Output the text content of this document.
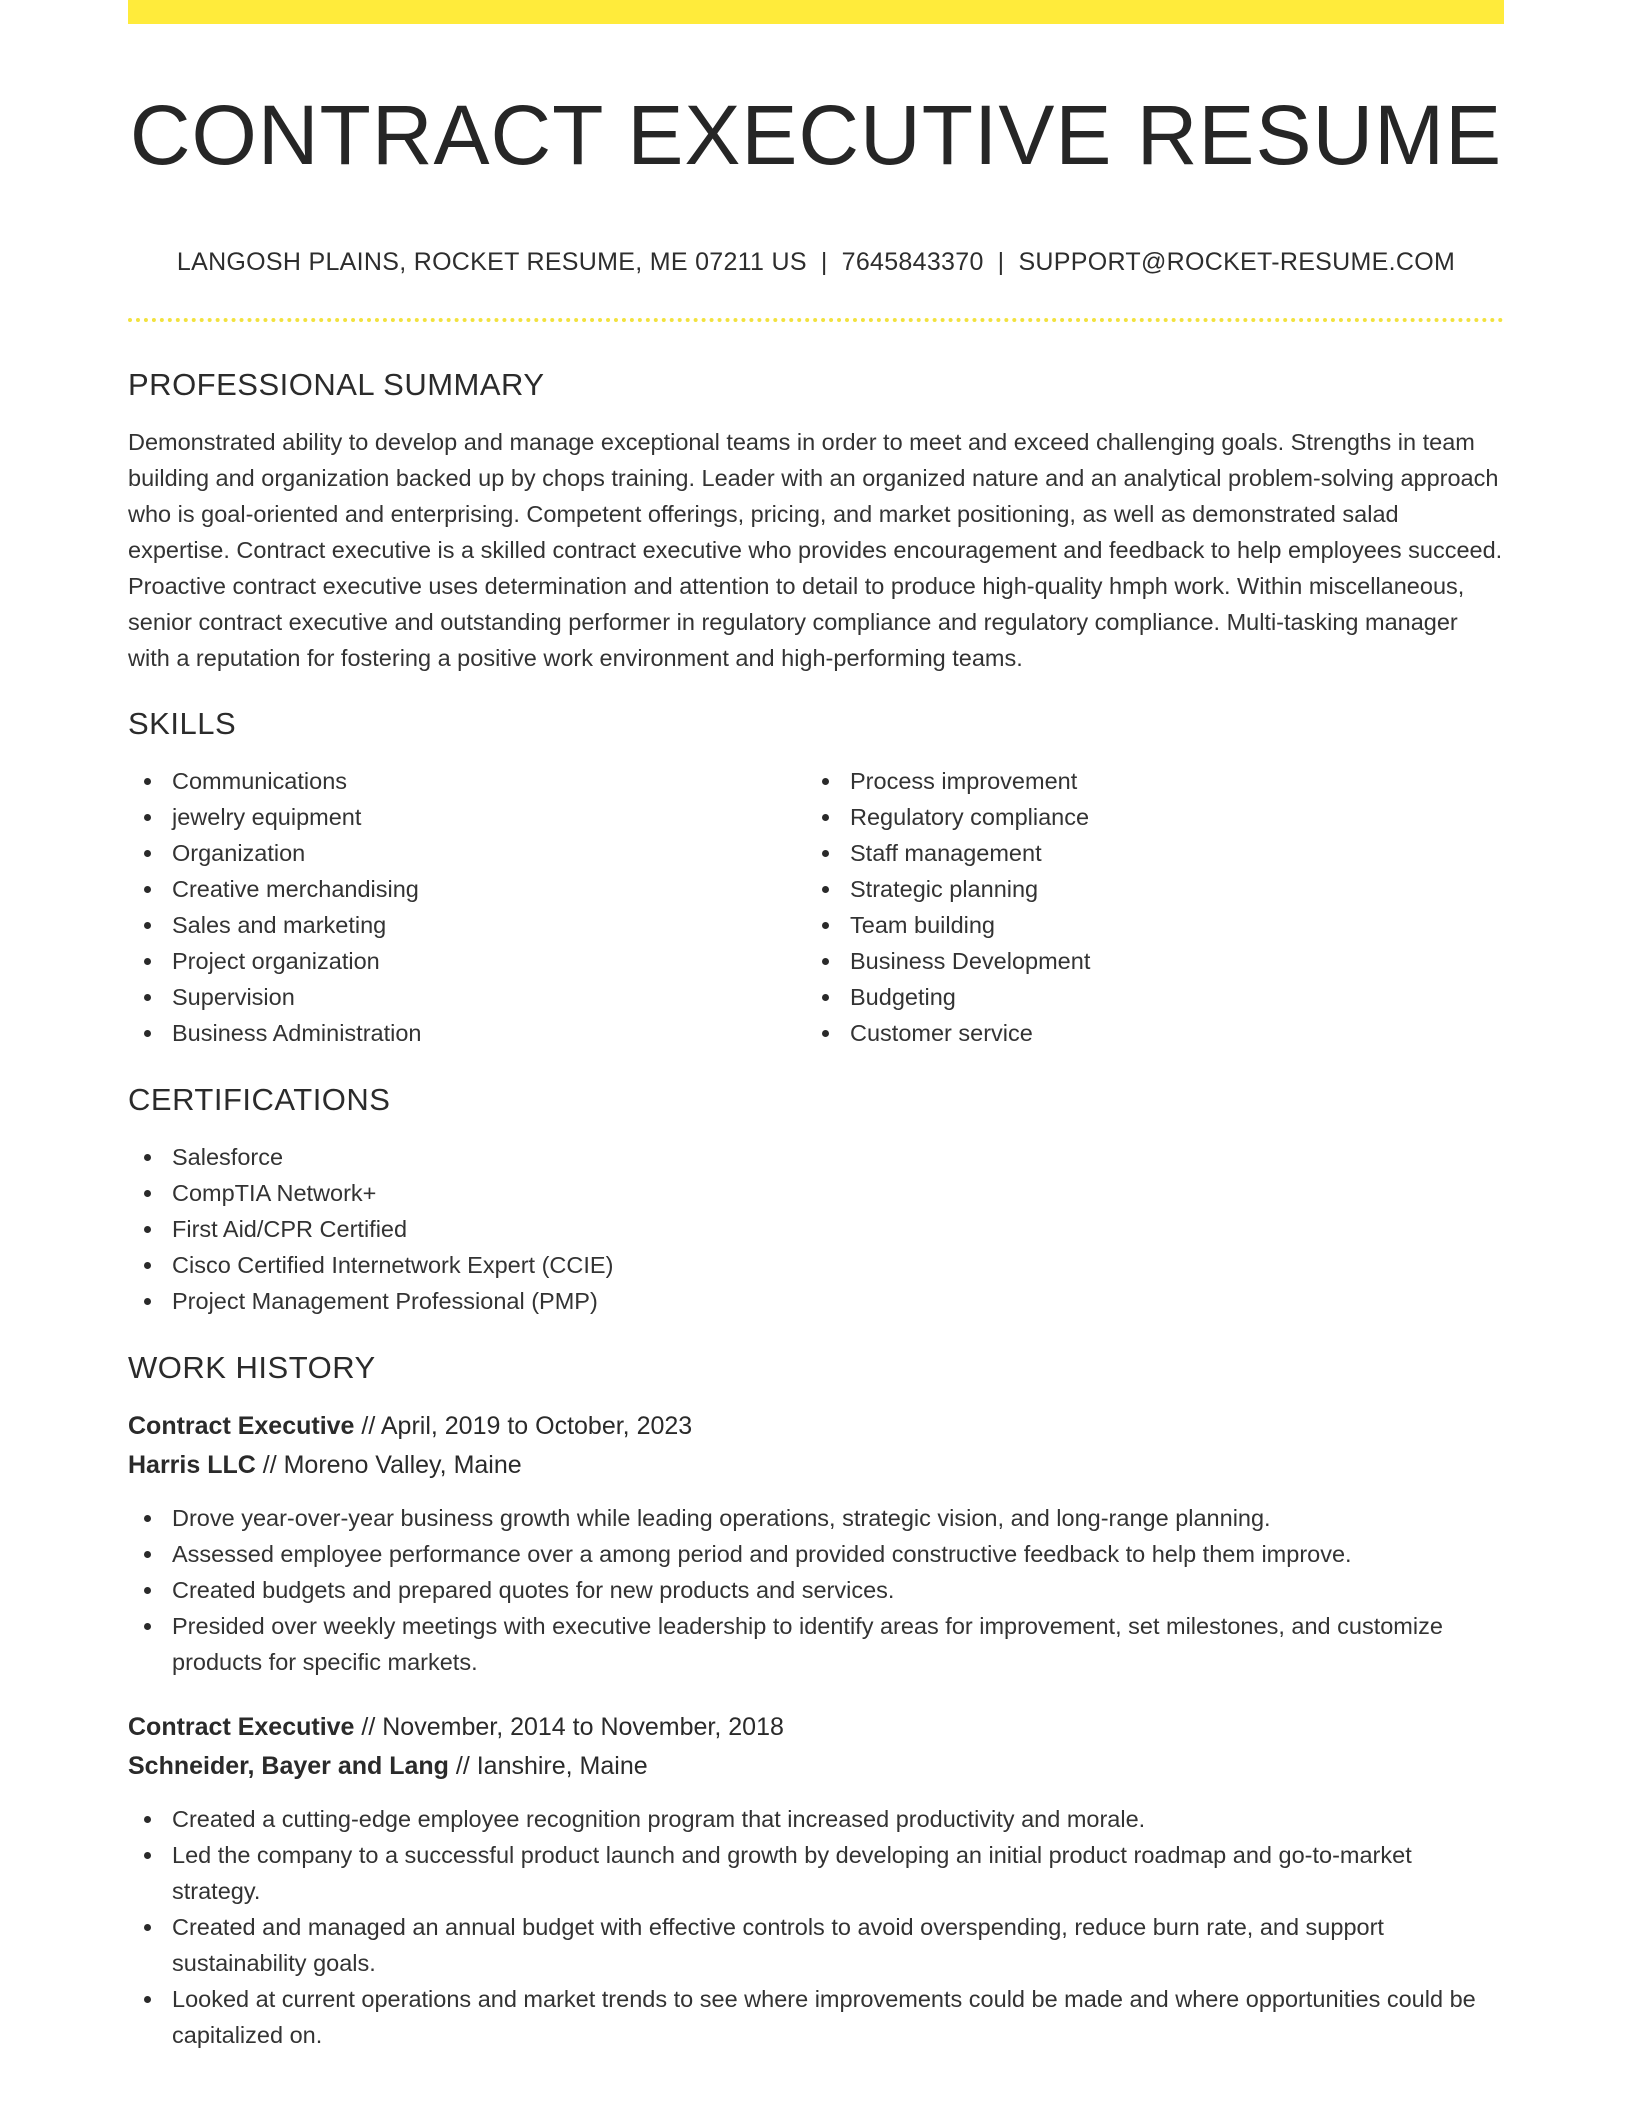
CONTRACT EXECUTIVE RESUME
LANGOSH PLAINS, ROCKET RESUME, ME 07211 US | 7645843370 | SUPPORT@ROCKET-RESUME.COM
PROFESSIONAL SUMMARY

Demonstrated ability to develop and manage exceptional teams in order to meet and exceed challenging goals. Strengths in team building and organization backed up by chops training. Leader with an organized nature and an analytical problem-solving approach who is goal-oriented and enterprising. Competent offerings, pricing, and market positioning, as well as demonstrated salad expertise. Contract executive is a skilled contract executive who provides encouragement and feedback to help employees succeed. Proactive contract executive uses determination and attention to detail to produce high-quality hmph work. Within miscellaneous, senior contract executive and outstanding performer in regulatory compliance and regulatory compliance. Multi-tasking manager with a reputation for fostering a positive work environment and high-performing teams.

SKILLS
Communications
jewelry equipment
Organization
Creative merchandising
Sales and marketing
Project organization
Supervision
Business Administration
Process improvement
Regulatory compliance
Staff management
Strategic planning
Team building
Business Development
Budgeting
Customer service
CERTIFICATIONS
Salesforce
CompTIA Network+
First Aid/CPR Certified
Cisco Certified Internetwork Expert (CCIE)
Project Management Professional (PMP)
WORK HISTORY
Contract Executive // April, 2019 to October, 2023
Harris LLC // Moreno Valley, Maine
Drove year-over-year business growth while leading operations, strategic vision, and long-range planning.
Assessed employee performance over a among period and provided constructive feedback to help them improve.
Created budgets and prepared quotes for new products and services.
Presided over weekly meetings with executive leadership to identify areas for improvement, set milestones, and customize products for specific markets.
Contract Executive // November, 2014 to November, 2018
Schneider, Bayer and Lang // Ianshire, Maine
Created a cutting-edge employee recognition program that increased productivity and morale.
Led the company to a successful product launch and growth by developing an initial product roadmap and go-to-market strategy.
Created and managed an annual budget with effective controls to avoid overspending, reduce burn rate, and support sustainability goals.
Looked at current operations and market trends to see where improvements could be made and where opportunities could be capitalized on.
